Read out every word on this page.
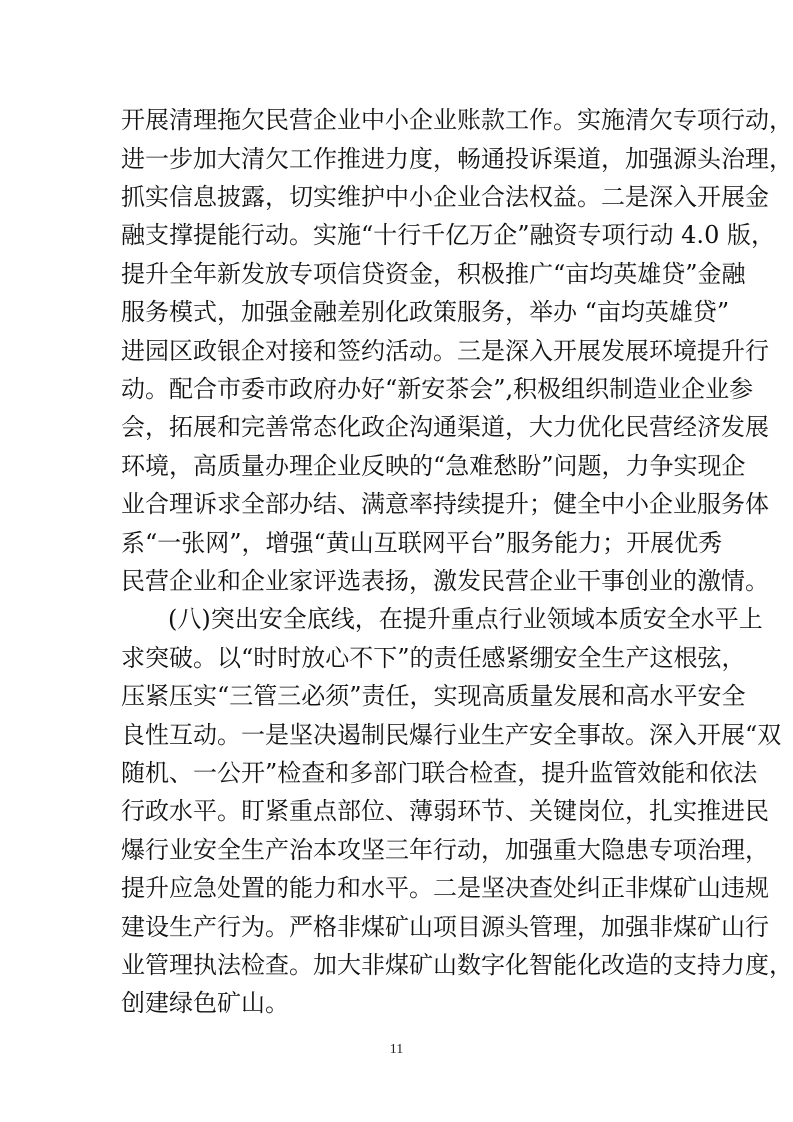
开展清理拖欠民营企业中小企业账款工作。实施清欠专项行动，
进一步加大清欠工作推进力度，畅通投诉渠道，加强源头治理，
抓实信息披露，切实维护中小企业合法权益。二是深入开展金
融支撑提能行动。实施“十行千亿万企”融资专项行动 4.0 版，
提升全年新发放专项信贷资金，积极推广“亩均英雄贷”金融
服务模式，加强金融差别化政策服务，举办 “亩均英雄贷”
进园区政银企对接和签约活动。三是深入开展发展环境提升行
动。配合市委市政府办好“新安茶会”,积极组织制造业企业参
会，拓展和完善常态化政企沟通渠道，大力优化民营经济发展
环境，高质量办理企业反映的“急难愁盼”问题，力争实现企
业合理诉求全部办结、满意率持续提升；健全中小企业服务体
系“一张网”，增强“黄山互联网平台”服务能力；开展优秀
民营企业和企业家评选表扬，激发民营企业干事创业的激情。
(八)突出安全底线，在提升重点行业领域本质安全水平上
求突破。以“时时放心不下”的责任感紧绷安全生产这根弦，
压紧压实“三管三必须”责任，实现高质量发展和高水平安全
良性互动。一是坚决遏制民爆行业生产安全事故。深入开展“双
随机、一公开”检查和多部门联合检查，提升监管效能和依法
行政水平。盯紧重点部位、薄弱环节、关键岗位，扎实推进民
爆行业安全生产治本攻坚三年行动，加强重大隐患专项治理，
提升应急处置的能力和水平。二是坚决查处纠正非煤矿山违规
建设生产行为。严格非煤矿山项目源头管理，加强非煤矿山行
业管理执法检查。加大非煤矿山数字化智能化改造的支持力度，
创建绿色矿山。
11
